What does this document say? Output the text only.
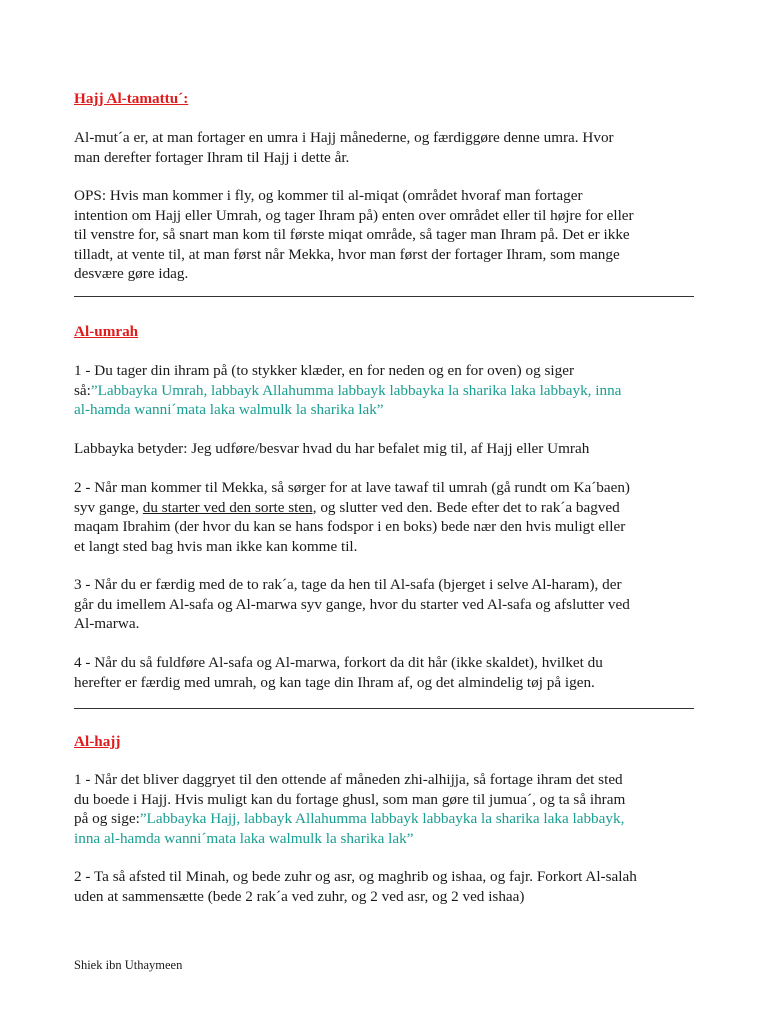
Hajj Al-tamattu´:
Al-mut´a er, at man fortager en umra i Hajj månederne, og færdiggøre denne umra. Hvor
man derefter fortager Ihram til Hajj i dette år.
OPS: Hvis man kommer i fly, og kommer til al-miqat (området hvoraf man fortager
intention om Hajj eller Umrah, og tager Ihram på) enten over området eller til højre for eller
til venstre for, så snart man kom til første miqat område, så tager man Ihram på. Det er ikke
tilladt, at vente til, at man først når Mekka, hvor man først der fortager Ihram, som mange
desvære gøre idag.
Al-umrah
1 - Du tager din ihram på (to stykker klæder, en for neden og en for oven) og siger
så:”Labbayka Umrah, labbayk Allahumma labbayk labbayka la sharika laka labbayk, inna
al-hamda wanni´mata laka walmulk la sharika lak”
Labbayka betyder: Jeg udføre/besvar hvad du har befalet mig til, af Hajj eller Umrah
2 - Når man kommer til Mekka, så sørger for at lave tawaf til umrah (gå rundt om Ka´baen)
syv gange, du starter ved den sorte sten, og slutter ved den. Bede efter det to rak´a bagved
maqam Ibrahim (der hvor du kan se hans fodspor i en boks) bede nær den hvis muligt eller
et langt sted bag hvis man ikke kan komme til.
3 - Når du er færdig med de to rak´a, tage da hen til Al-safa (bjerget i selve Al-haram), der
går du imellem Al-safa og Al-marwa syv gange, hvor du starter ved Al-safa og afslutter ved
Al-marwa.
4 - Når du så fuldføre Al-safa og Al-marwa, forkort da dit hår (ikke skaldet), hvilket du
herefter er færdig med umrah, og kan tage din Ihram af, og det almindelig tøj på igen.
Al-hajj
1 - Når det bliver daggryet til den ottende af måneden zhi-alhijja, så fortage ihram det sted
du boede i Hajj. Hvis muligt kan du fortage ghusl, som man gøre til jumua´, og ta så ihram
på og sige:”Labbayka Hajj, labbayk Allahumma labbayk labbayka la sharika laka labbayk,
inna al-hamda wanni´mata laka walmulk la sharika lak”
2 - Ta så afsted til Minah, og bede zuhr og asr, og maghrib og ishaa, og fajr. Forkort Al-salah
uden at sammensætte (bede 2 rak´a ved zuhr, og 2 ved asr, og 2 ved ishaa)
Shiek ibn Uthaymeen
